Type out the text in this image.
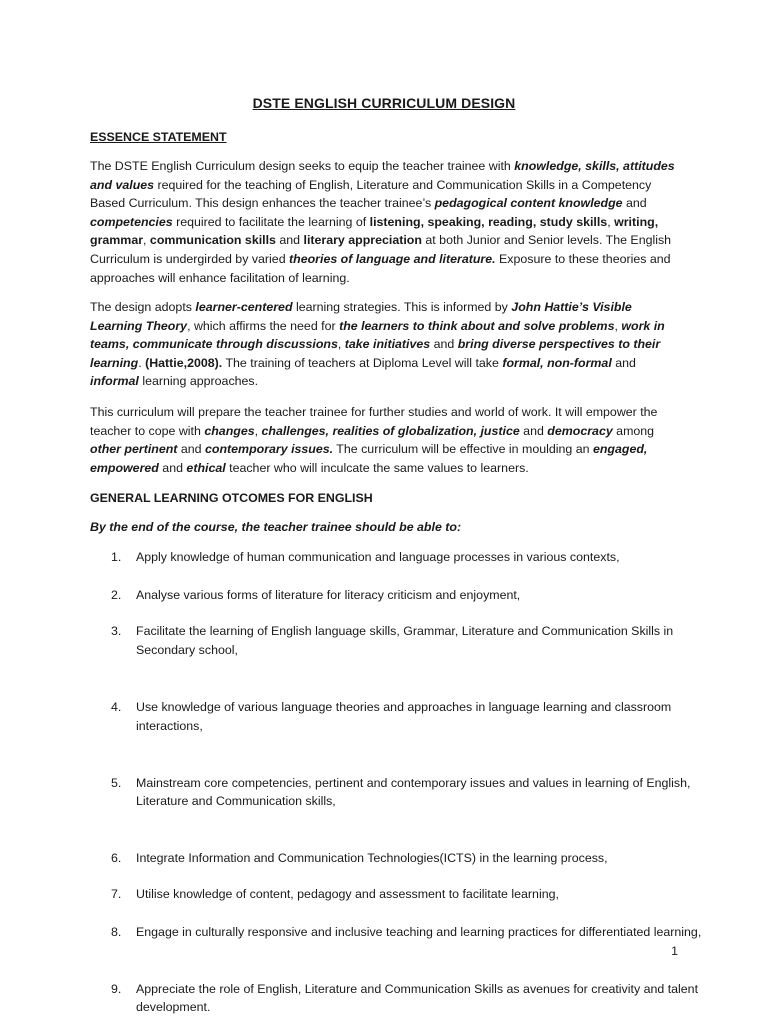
DSTE ENGLISH CURRICULUM DESIGN
ESSENCE STATEMENT

The DSTE English Curriculum design seeks to equip the teacher trainee with knowledge, skills, attitudes and values required for the teaching of English, Literature and Communication Skills in a Competency Based Curriculum. This design enhances the teacher trainee’s pedagogical content knowledge and competencies required to facilitate the learning of listening, speaking, reading, study skills, writing, grammar, communication skills and literary appreciation at both Junior and Senior levels. The English Curriculum is undergirded by varied theories of language and literature. Exposure to these theories and approaches will enhance facilitation of learning.

The design adopts learner-centered learning strategies. This is informed by John Hattie’s Visible Learning Theory, which affirms the need for the learners to think about and solve problems, work in teams, communicate through discussions, take initiatives and bring diverse perspectives to their learning. (Hattie,2008). The training of teachers at Diploma Level will take formal, non-formal and informal learning approaches.

This curriculum will prepare the teacher trainee for further studies and world of work. It will empower the teacher to cope with changes, challenges, realities of globalization, justice and democracy among other pertinent and contemporary issues. The curriculum will be effective in moulding an engaged, empowered and ethical teacher who will inculcate the same values to learners.

GENERAL LEARNING OTCOMES FOR ENGLISH
By the end of the course, the teacher trainee should be able to:
1.	Apply knowledge of human communication and language processes in various contexts,
2.	Analyse various forms of literature for literacy criticism and enjoyment,
3.	Facilitate the learning of English language skills, Grammar, Literature and Communication Skills in Secondary school,
4.	Use knowledge of various language theories and approaches in language learning and classroom interactions,
5.	Mainstream core competencies, pertinent and contemporary issues and values in learning of English, Literature and Communication skills,
6.	Integrate Information and Communication Technologies(ICTS) in the learning process,
7.	Utilise knowledge of content, pedagogy and assessment to facilitate learning,
8.	Engage in culturally responsive and inclusive teaching and learning practices for differentiated learning,
9.	Appreciate the role of English, Literature and Communication Skills as avenues for creativity and talent development.
1
